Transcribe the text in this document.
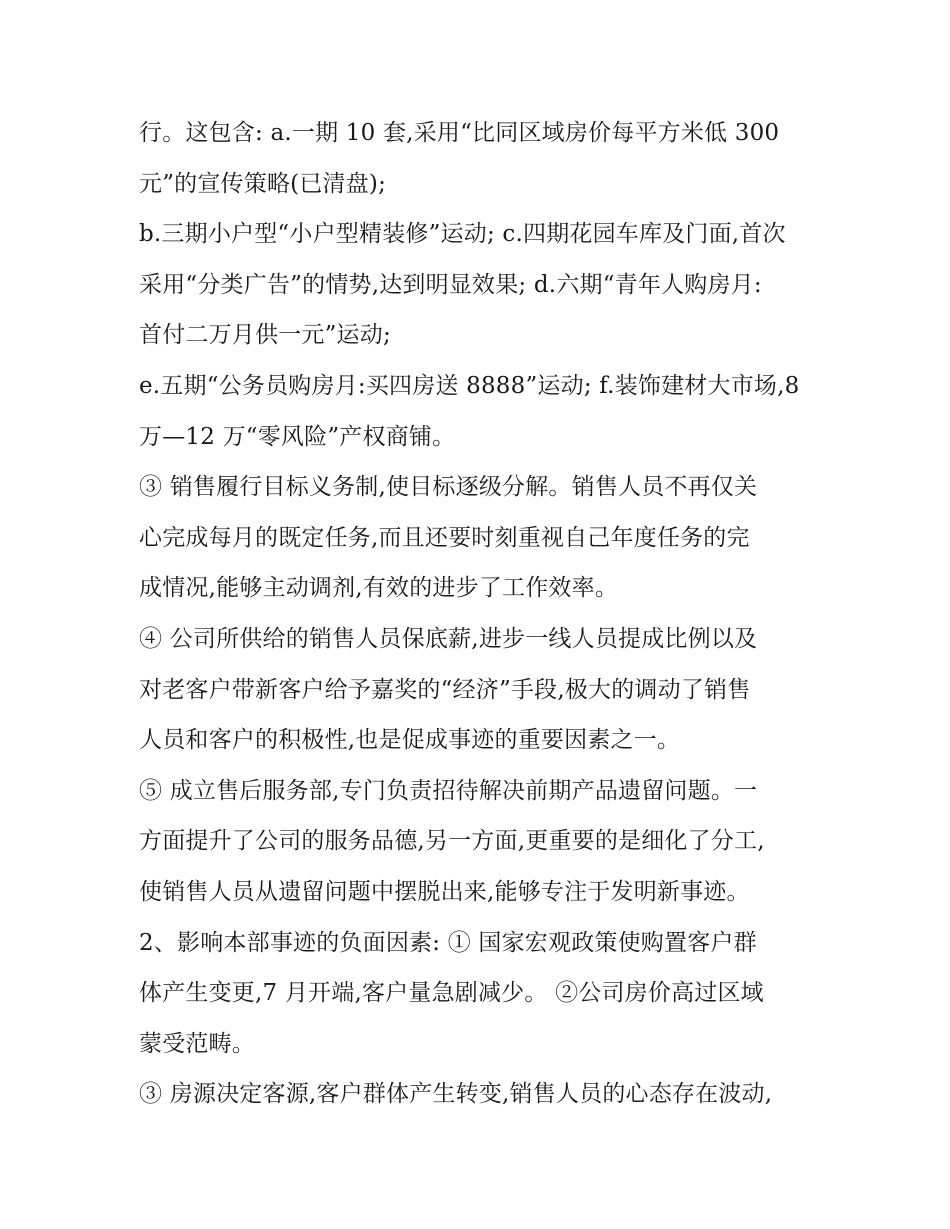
行。这包含: a.一期 10 套,采用“比同区域房价每平方米低 300
元”的宣传策略(已清盘);
b.三期小户型“小户型精装修”运动; c.四期花园车库及门面,首次
采用“分类广告”的情势,达到明显效果; d.六期“青年人购房月:
首付二万月供一元”运动;
e.五期“公务员购房月:买四房送 8888”运动; f.装饰建材大市场,8
万—12 万“零风险”产权商铺。
③ 销售履行目标义务制,使目标逐级分解。销售人员不再仅关
心完成每月的既定任务,而且还要时刻重视自己年度任务的完
成情况,能够主动调剂,有效的进步了工作效率。
④ 公司所供给的销售人员保底薪,进步一线人员提成比例以及
对老客户带新客户给予嘉奖的“经济”手段,极大的调动了销售
人员和客户的积极性,也是促成事迹的重要因素之一。
⑤ 成立售后服务部,专门负责招待解决前期产品遗留问题。一
方面提升了公司的服务品德,另一方面,更重要的是细化了分工,
使销售人员从遗留问题中摆脱出来,能够专注于发明新事迹。
2、影响本部事迹的负面因素: ① 国家宏观政策使购置客户群
体产生变更,7 月开端,客户量急剧减少。 ②公司房价高过区域
蒙受范畴。
③ 房源决定客源,客户群体产生转变,销售人员的心态存在波动,
